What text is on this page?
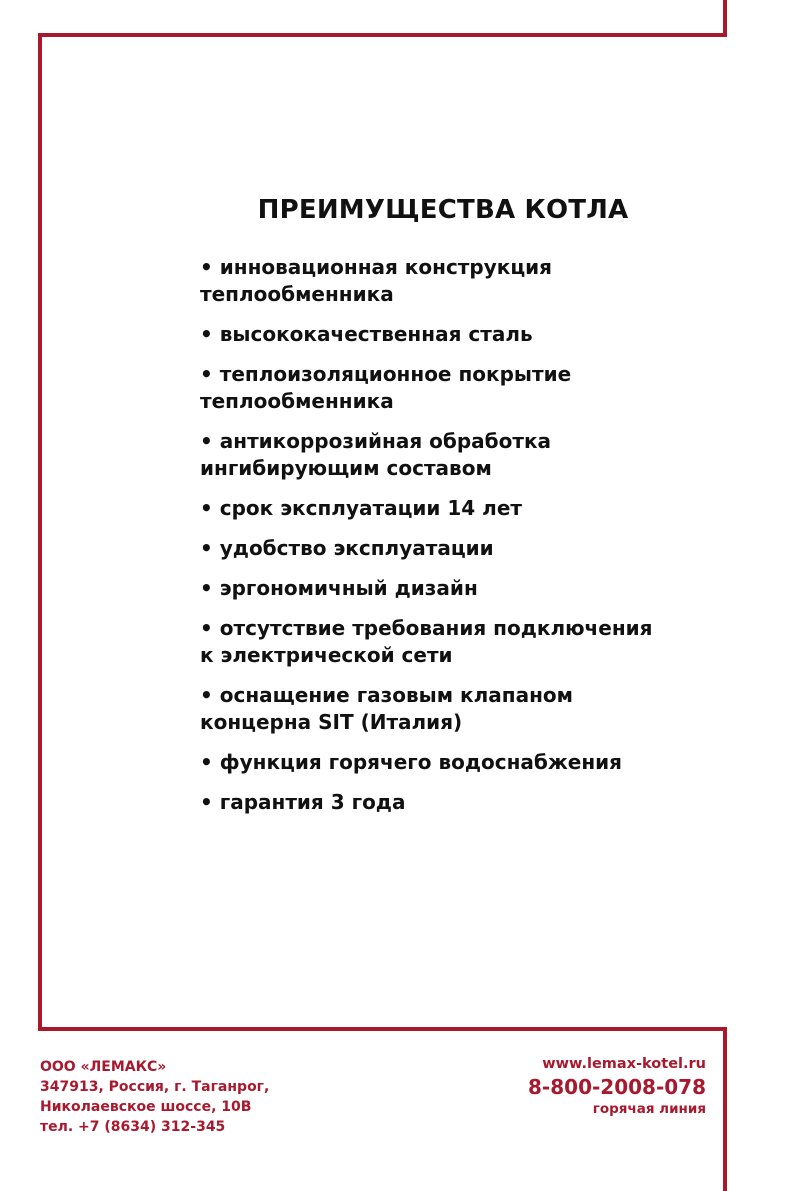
ПРЕИМУЩЕСТВА КОТЛА
• инновационная конструкция теплообменника
• высококачественная сталь
• теплоизоляционное покрытие теплообменника
• антикоррозийная обработка ингибирующим составом
• срок эксплуатации 14 лет
• удобство эксплуатации
• эргономичный дизайн
• отсутствие требования подключения к электрической сети
• оснащение газовым клапаном концерна SIT (Италия)
• функция горячего водоснабжения
• гарантия 3 года
ООО «ЛЕМАКС»
347913, Россия, г. Таганрог,
Николаевское шоссе, 10В
тел. +7 (8634) 312-345
www.lemax-kotel.ru
8-800-2008-078
горячая линия
